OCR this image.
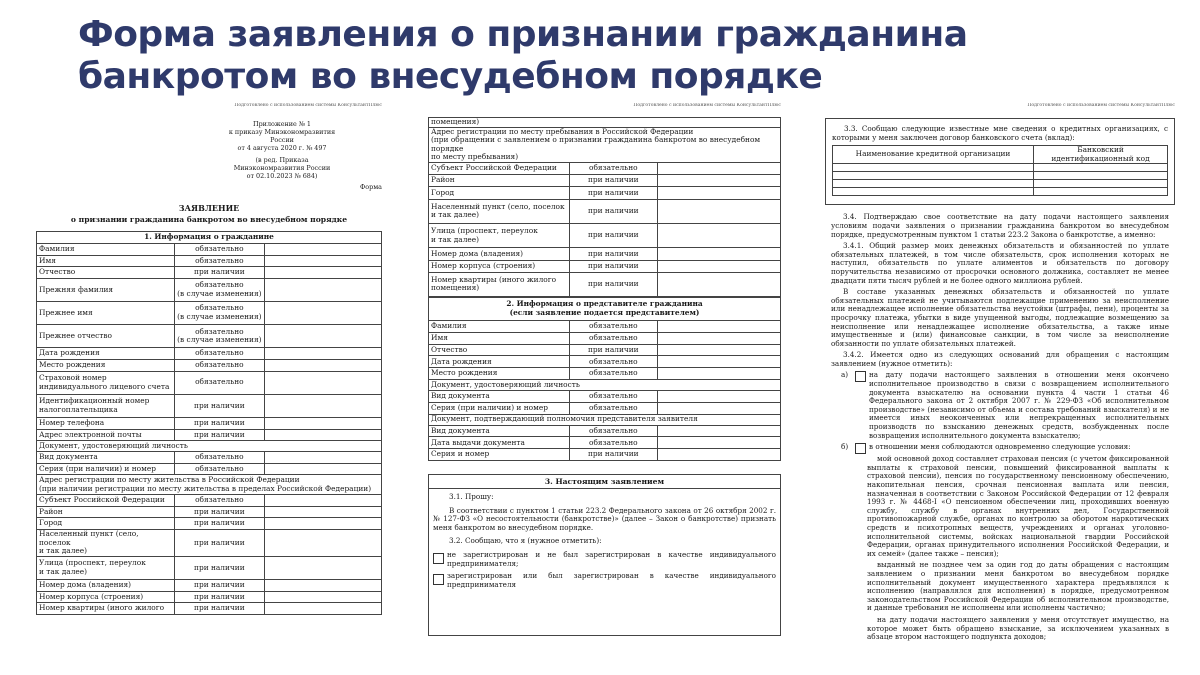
Форма заявления о признании гражданина
банкротом во внесудебном порядке
Подготовлено с использованием системы КонсультантПлюс
Приложение № 1
к приказу Минэкономразвития России
от 4 августа 2020 г. № 497
(в ред. Приказа Минэкономразвития России
от 02.10.2023 № 684)
Форма
ЗАЯВЛЕНИЕ
о признании гражданина банкротом во внесудебном порядке
1. Информация о гражданине		
Фамилия	обязательно	
Имя	обязательно	
Отчество	при наличии	
Прежняя фамилия	обязательно
(в случае изменения)	
Прежнее имя	обязательно
(в случае изменения)	
Прежнее отчество	обязательно
(в случае изменения)	
Дата рождения	обязательно	
Место рождения	обязательно	
Страховой номер
индивидуального лицевого счета	обязательно	
Идентификационный номер
налогоплательщика	при наличии	
Номер телефона	при наличии	
Адрес электронной почты	при наличии	
Документ, удостоверяющий личность		
Вид документа	обязательно	
Серия (при наличии) и номер	обязательно	
Адрес регистрации по месту жительства в Российской Федерации
(при наличии регистрации по месту жительства в пределах Российской Федерации)		
Субъект Российской Федерации	обязательно	
Район	при наличии	
Город	при наличии	
Населенный пункт (село, поселок
и так далее)	при наличии	
Улица (проспект, переулок
и так далее)	при наличии	
Номер дома (владения)	при наличии	
Номер корпуса (строения)	при наличии	
Номер квартиры (иного жилого	при наличии	
Подготовлено с использованием системы КонсультантПлюс
помещения)		
Адрес регистрации по месту пребывания в Российской Федерации
(при обращении с заявлением о признании гражданина банкротом во внесудебном порядке
по месту пребывания)		
Субъект Российской Федерации	обязательно	
Район	при наличии	
Город	при наличии	
Населенный пункт (село, поселок
и так далее)	при наличии	
Улица (проспект, переулок
и так далее)	при наличии	
Номер дома (владения)	при наличии	
Номер корпуса (строения)	при наличии	
Номер квартиры (иного жилого
помещения)	при наличии	
2. Информация о представителе гражданина
(если заявление подается представителем)		
Фамилия	обязательно	
Имя	обязательно	
Отчество	при наличии	
Дата рождения	обязательно	
Место рождения	обязательно	
Документ, удостоверяющий личность		
Вид документа	обязательно	
Серия (при наличии) и номер	обязательно	
Документ, подтверждающий полномочия представителя заявителя		
Вид документа	обязательно	
Дата выдачи документа	обязательно	
Серия и номер	при наличии	
3. Настоящим заявлением
3.1. Прошу:
В соответствии с пунктом 1 статьи 223.2 Федерального закона от 26 октября 2002 г. № 127-ФЗ «О несостоятельности (банкротстве)» (далее – Закон о банкротстве) признать меня банкротом во внесудебном порядке.
3.2. Сообщаю, что я (нужное отметить):
не зарегистрирован и не был зарегистрирован в качестве индивидуального предпринимателя;
зарегистрирован или был зарегистрирован в качестве индивидуального предпринимателя
Подготовлено с использованием системы КонсультантПлюс
3.3. Сообщаю следующие известные мне сведения о кредитных организациях, с которыми у меня заключен договор банковского счета (вклад):
Наименование кредитной организации	Банковский
идентификационный код

3.4. Подтверждаю свое соответствие на дату подачи настоящего заявления условиям подачи заявления о признании гражданина банкротом во внесудебном порядке, предусмотренным пунктом 1 статьи 223.2 Закона о банкротстве, а именно:
3.4.1. Общий размер моих денежных обязательств и обязанностей по уплате обязательных платежей, в том числе обязательств, срок исполнения которых не наступил, обязательств по уплате алиментов и обязательств по договору поручительства независимо от просрочки основного должника, составляет не менее двадцати пяти тысяч рублей и не более одного миллиона рублей.
В составе указанных денежных обязательств и обязанностей по уплате обязательных платежей не учитываются подлежащие применению за неисполнение или ненадлежащее исполнение обязательства неустойки (штрафы, пени), проценты за просрочку платежа, убытки в виде упущенной выгоды, подлежащие возмещению за неисполнение или ненадлежащее исполнение обязательства, а также иные имущественные и (или) финансовые санкции, в том числе за неисполнение обязанности по уплате обязательных платежей.
3.4.2. Имеется одно из следующих оснований для обращения с настоящим заявлением (нужное отметить):
а)	на дату подачи настоящего заявления в отношении меня окончено исполнительное производство в связи с возвращением исполнительного документа взыскателю на основании пункта 4 части 1 статьи 46 Федерального закона от 2 октября 2007 г. № 229-ФЗ «Об исполнительном производстве» (независимо от объема и состава требований взыскателя) и не имеется иных неоконченных или непрекращенных исполнительных производств по взысканию денежных средств, возбужденных после возвращения исполнительного документа взыскателю;
б)	в отношении меня соблюдаются одновременно следующие условия:
мой основной доход составляет страховая пенсия (с учетом фиксированной выплаты к страховой пенсии, повышений фиксированной выплаты к страховой пенсии), пенсия по государственному пенсионному обеспечению, накопительная пенсия, срочная пенсионная выплата или пенсия, назначенная в соответствии с Законом Российской Федерации от 12 февраля 1993 г. № 4468-I «О пенсионном обеспечении лиц, проходивших военную службу, службу в органах внутренних дел, Государственной противопожарной службе, органах по контролю за оборотом наркотических средств и психотропных веществ, учреждениях и органах уголовно-исполнительной системы, войсках национальной гвардии Российской Федерации, органах принудительного исполнения Российской Федерации, и их семей» (далее также – пенсия);
выданный не позднее чем за один год до даты обращения с настоящим заявлением о признании меня банкротом во внесудебном порядке исполнительный документ имущественного характера предъявлялся к исполнению (направлялся для исполнения) в порядке, предусмотренном законодательством Российской Федерации об исполнительном производстве, и данные требования не исполнены или исполнены частично;
на дату подачи настоящего заявления у меня отсутствует имущество, на которое может быть обращено взыскание, за исключением указанных в абзаце втором настоящего подпункта доходов;
